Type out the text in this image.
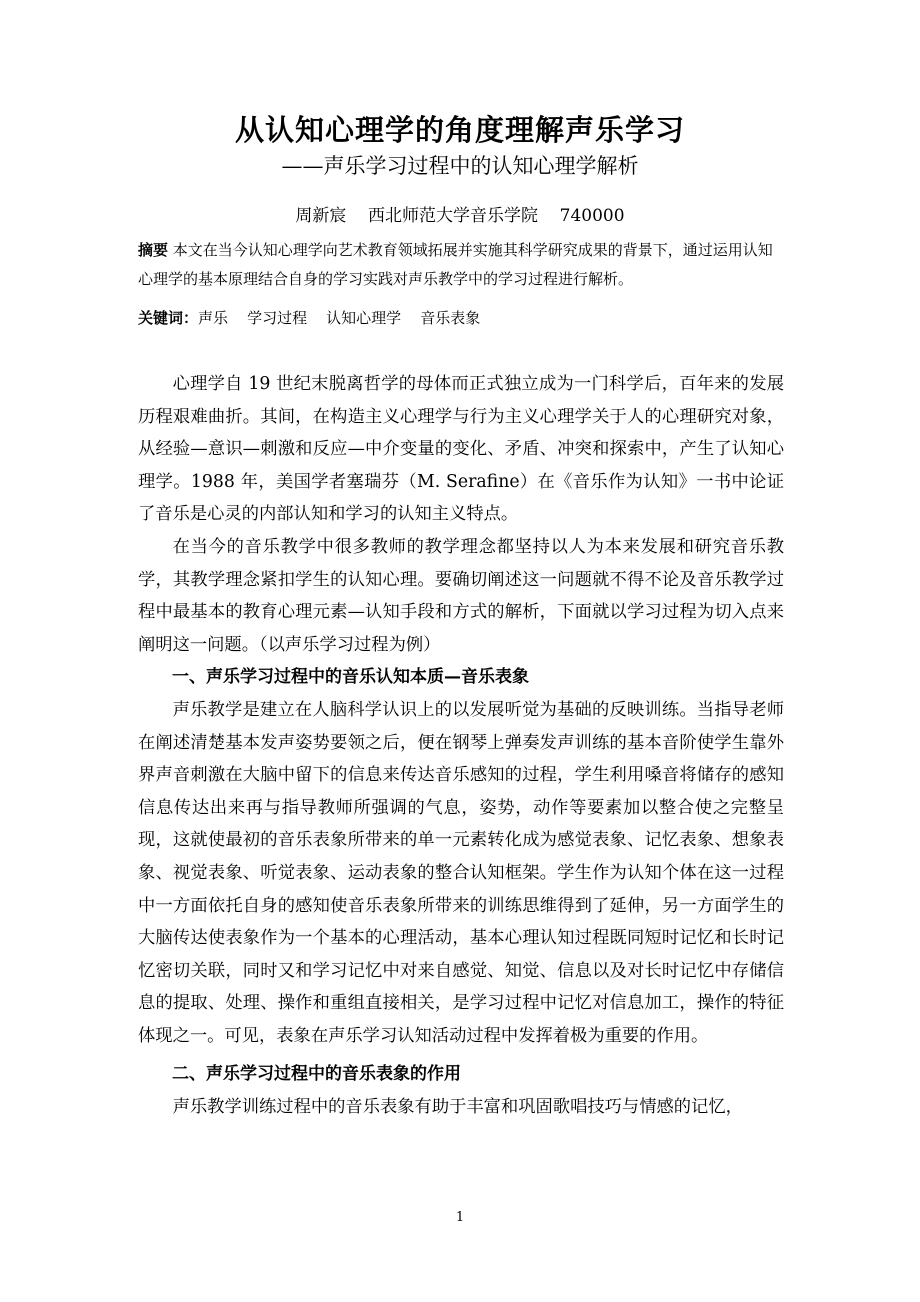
从认知心理学的角度理解声乐学习
——声乐学习过程中的认知心理学解析
周新宸    西北师范大学音乐学院    740000
摘要 本文在当今认知心理学向艺术教育领域拓展并实施其科学研究成果的背景下，通过运用认知心理学的基本原理结合自身的学习实践对声乐教学中的学习过程进行解析。
关键词：声乐    学习过程    认知心理学    音乐表象

心理学自 19 世纪末脱离哲学的母体而正式独立成为一门科学后，百年来的发展历程艰难曲折。其间，在构造主义心理学与行为主义心理学关于人的心理研究对象，从经验—意识—刺激和反应—中介变量的变化、矛盾、冲突和探索中，产生了认知心理学。1988 年，美国学者塞瑞芬（M. Serafine）在《音乐作为认知》一书中论证了音乐是心灵的内部认知和学习的认知主义特点。

在当今的音乐教学中很多教师的教学理念都坚持以人为本来发展和研究音乐教学，其教学理念紧扣学生的认知心理。要确切阐述这一问题就不得不论及音乐教学过程中最基本的教育心理元素—认知手段和方式的解析，下面就以学习过程为切入点来阐明这一问题。（以声乐学习过程为例）

一、声乐学习过程中的音乐认知本质—音乐表象

声乐教学是建立在人脑科学认识上的以发展听觉为基础的反映训练。当指导老师在阐述清楚基本发声姿势要领之后，便在钢琴上弹奏发声训练的基本音阶使学生靠外界声音刺激在大脑中留下的信息来传达音乐感知的过程，学生利用嗓音将储存的感知信息传达出来再与指导教师所强调的气息，姿势，动作等要素加以整合使之完整呈现，这就使最初的音乐表象所带来的单一元素转化成为感觉表象、记忆表象、想象表象、视觉表象、听觉表象、运动表象的整合认知框架。学生作为认知个体在这一过程中一方面依托自身的感知使音乐表象所带来的训练思维得到了延伸，另一方面学生的大脑传达使表象作为一个基本的心理活动，基本心理认知过程既同短时记忆和长时记忆密切关联，同时又和学习记忆中对来自感觉、知觉、信息以及对长时记忆中存储信息的提取、处理、操作和重组直接相关，是学习过程中记忆对信息加工，操作的特征体现之一。可见，表象在声乐学习认知活动过程中发挥着极为重要的作用。

二、声乐学习过程中的音乐表象的作用

声乐教学训练过程中的音乐表象有助于丰富和巩固歌唱技巧与情感的记忆，

1
